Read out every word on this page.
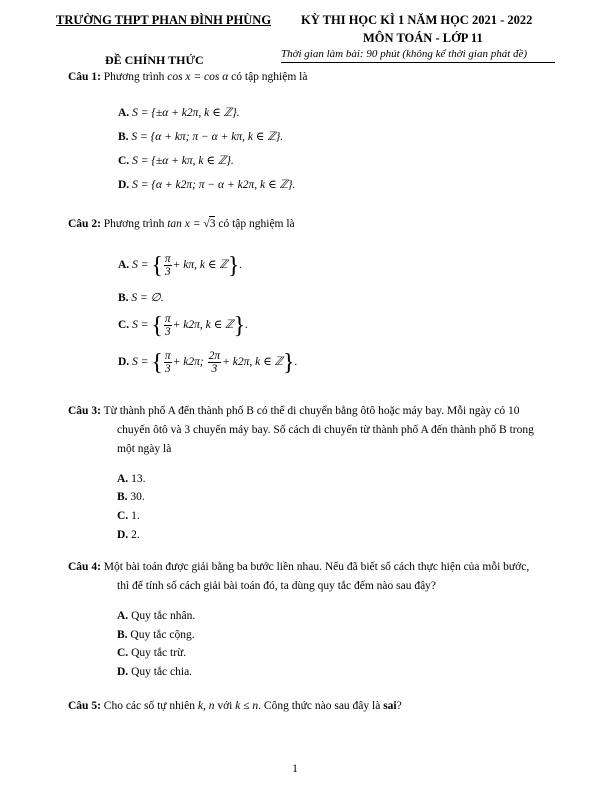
TRƯỜNG THPT PHAN ĐÌNH PHÙNG
ĐỀ CHÍNH THỨC
KỲ THI HỌC KÌ 1 NĂM HỌC 2021 - 2022
MÔN TOÁN - LỚP 11
Thời gian làm bài: 90 phút (không kể thời gian phát đề)
Câu 1: Phương trình cos x = cos α có tập nghiệm là
A. S = {±α + k2π, k ∈ ℤ}.
B. S = {α + kπ; π − α + kπ, k ∈ ℤ}.
C. S = {±α + kπ, k ∈ ℤ}.
D. S = {α + k2π; π − α + k2π, k ∈ ℤ}.
Câu 2: Phương trình tan x = √3 có tập nghiệm là
A. S = { $\frac{\pi}{3} + k\pi$, k ∈ ℤ}.
B. S = ∅.
C. S = { $\frac{\pi}{3} + k2\pi$, k ∈ ℤ}.
D. S = { $\frac{\pi}{3} + k2\pi$; $\frac{2\pi}{3} + k2\pi$, k ∈ ℤ}.
Câu 3: Từ thành phố A đến thành phố B có thể di chuyển bằng ôtô hoặc máy bay. Mỗi ngày có 10
chuyến ôtô và 3 chuyến máy bay. Số cách di chuyển từ thành phố A đến thành phố B trong
một ngày là
A. 13.
B. 30.
C. 1.
D. 2.
Câu 4: Một bài toán được giải bằng ba bước liền nhau. Nếu đã biết số cách thực hiện của mỗi bước,
thì để tính số cách giải bài toán đó, ta dùng quy tắc đếm nào sau đây?
A. Quy tắc nhân.
B. Quy tắc cộng.
C. Quy tắc trừ.
D. Quy tắc chia.
Câu 5: Cho các số tự nhiên k, n với k ≤ n. Công thức nào sau đây là sai?
1
